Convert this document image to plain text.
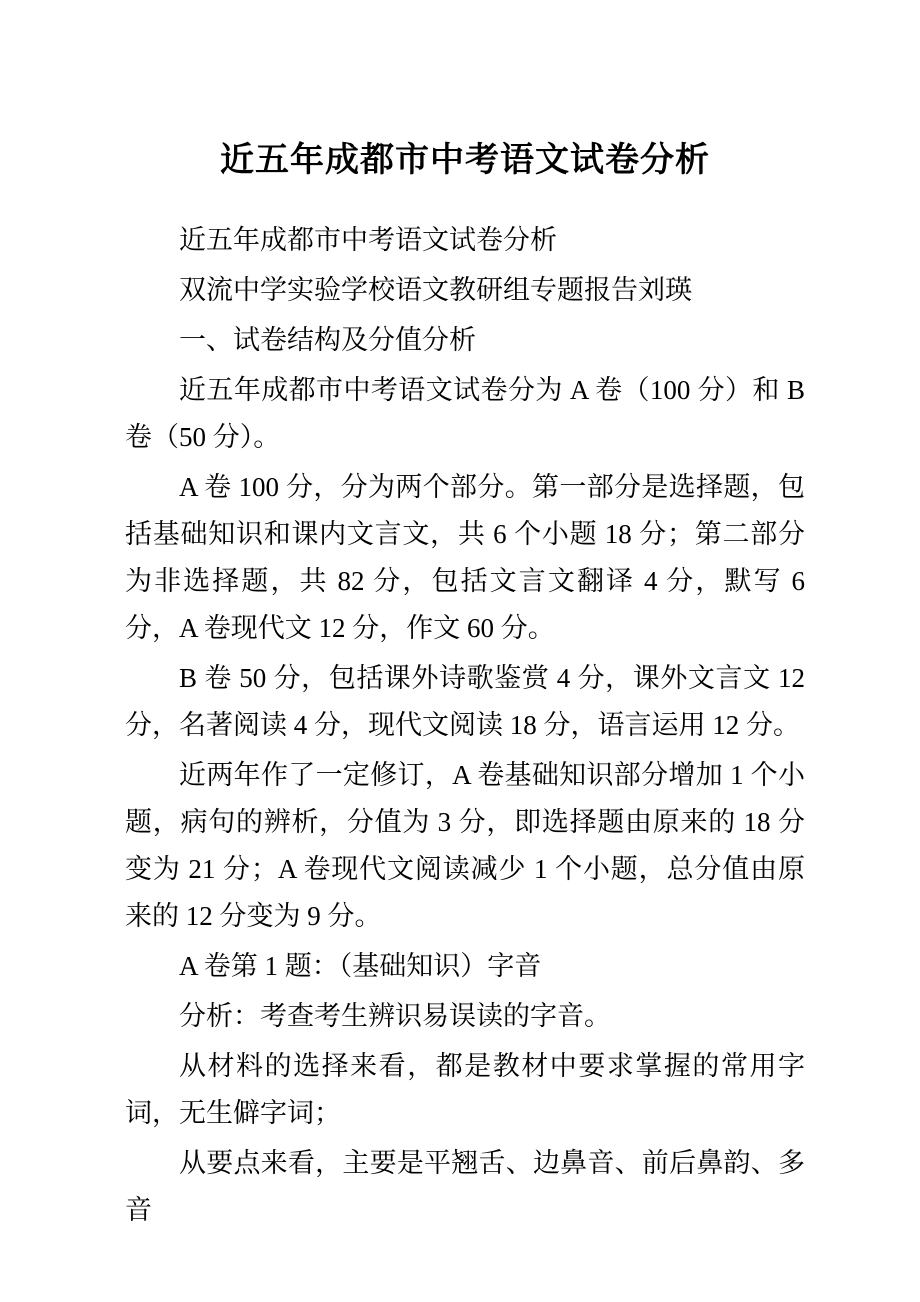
近五年成都市中考语文试卷分析

近五年成都市中考语文试卷分析

双流中学实验学校语文教研组专题报告刘瑛

一、试卷结构及分值分析

近五年成都市中考语文试卷分为 A 卷（100 分）和 B 卷（50 分）。

A 卷 100 分，分为两个部分。第一部分是选择题，包括基础知识和课内文言文，共 6 个小题 18 分；第二部分为非选择题，共 82 分，包括文言文翻译 4 分，默写 6 分，A 卷现代文 12 分，作文 60 分。

B 卷 50 分，包括课外诗歌鉴赏 4 分，课外文言文 12 分，名著阅读 4 分，现代文阅读 18 分，语言运用 12 分。

近两年作了一定修订，A 卷基础知识部分增加 1 个小题，病句的辨析，分值为 3 分，即选择题由原来的 18 分变为 21 分；A 卷现代文阅读减少 1 个小题，总分值由原来的 12 分变为 9 分。

A 卷第 1 题：（基础知识）字音

分析：考查考生辨识易误读的字音。

从材料的选择来看，都是教材中要求掌握的常用字词，无生僻字词；

从要点来看，主要是平翘舌、边鼻音、前后鼻韵、多音
